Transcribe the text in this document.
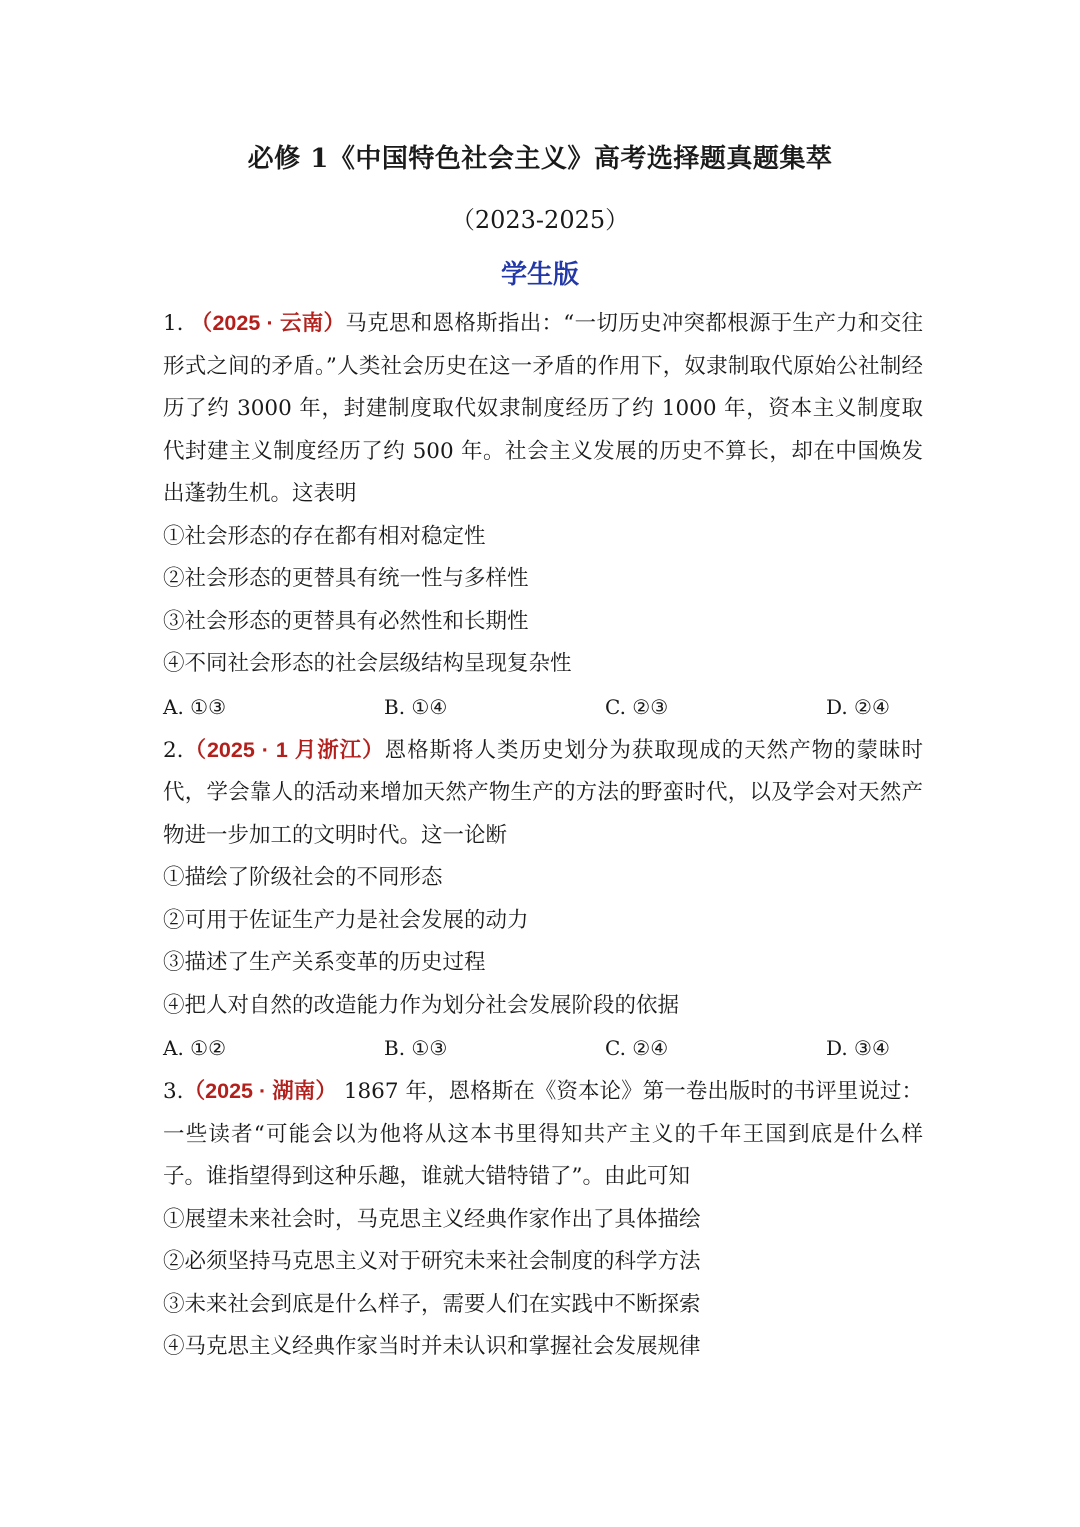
必修 1《中国特色社会主义》高考选择题真题集萃
（2023-2025）
学生版

1. （2025 · 云南）马克思和恩格斯指出：“一切历史冲突都根源于生产力和交往形式之间的矛盾。”人类社会历史在这一矛盾的作用下，奴隶制取代原始公社制经历了约 3000 年，封建制度取代奴隶制度经历了约 1000 年，资本主义制度取代封建主义制度经历了约 500 年。社会主义发展的历史不算长，却在中国焕发出蓬勃生机。这表明

①社会形态的存在都有相对稳定性

②社会形态的更替具有统一性与多样性

③社会形态的更替具有必然性和长期性

④不同社会形态的社会层级结构呈现复杂性

A. ①③	B. ①④	C. ②③	D. ②④

2.（2025 · 1 月浙江）恩格斯将人类历史划分为获取现成的天然产物的蒙昧时代，学会靠人的活动来增加天然产物生产的方法的野蛮时代，以及学会对天然产物进一步加工的文明时代。这一论断

①描绘了阶级社会的不同形态

②可用于佐证生产力是社会发展的动力

③描述了生产关系变革的历史过程

④把人对自然的改造能力作为划分社会发展阶段的依据

A. ①②	B. ①③	C. ②④	D. ③④

3.（2025 · 湖南） 1867 年，恩格斯在《资本论》第一卷出版时的书评里说过：一些读者“可能会以为他将从这本书里得知共产主义的千年王国到底是什么样子。谁指望得到这种乐趣，谁就大错特错了”。由此可知

①展望未来社会时，马克思主义经典作家作出了具体描绘

②必须坚持马克思主义对于研究未来社会制度的科学方法

③未来社会到底是什么样子，需要人们在实践中不断探索

④马克思主义经典作家当时并未认识和掌握社会发展规律
